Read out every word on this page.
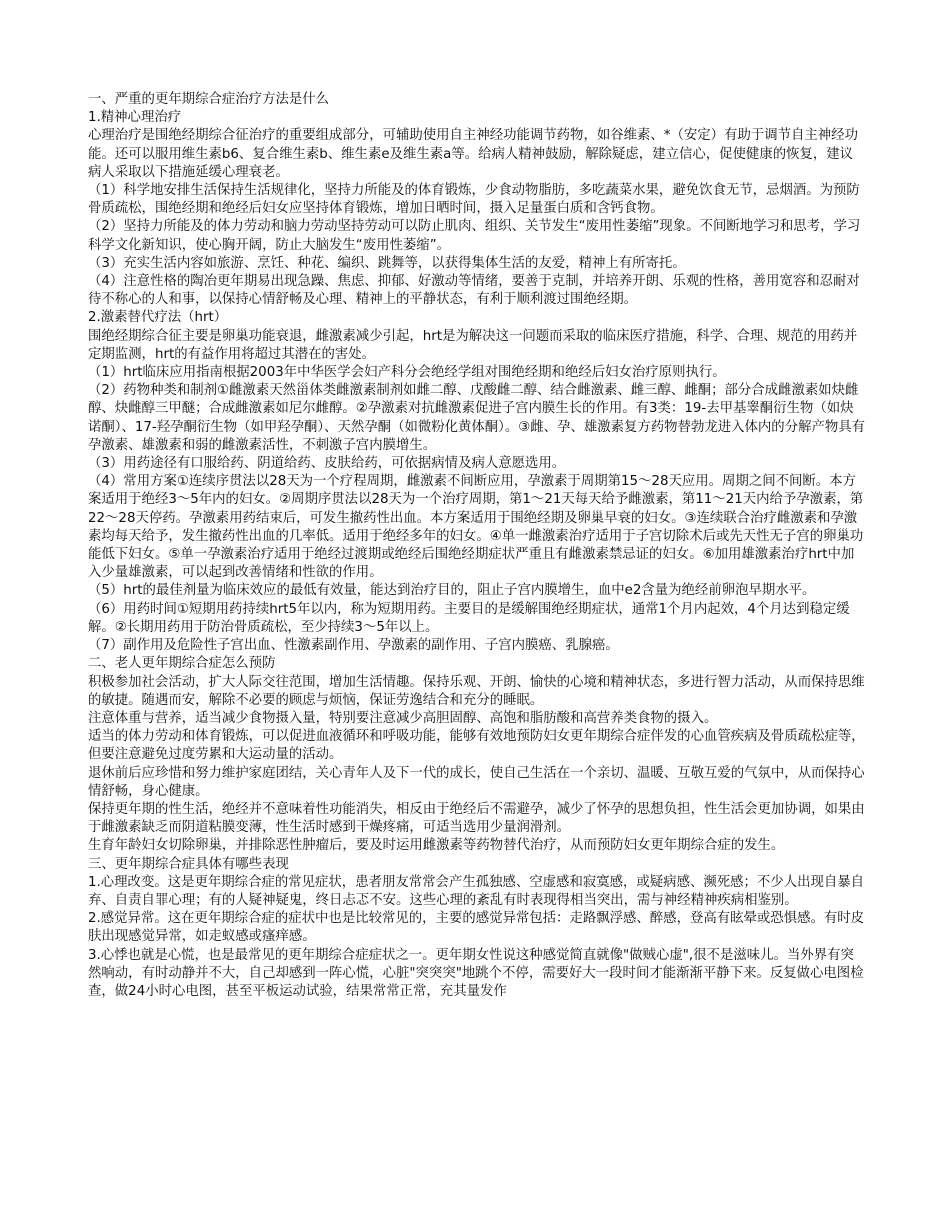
一、严重的更年期综合症治疗方法是什么

1.精神心理治疗

心理治疗是围绝经期综合征治疗的重要组成部分，可辅助使用自主神经功能调节药物，如谷维素、*（安定）有助于调节自主神经功能。还可以服用维生素b6、复合维生素b、维生素e及维生素a等。给病人精神鼓励，解除疑虑，建立信心，促使健康的恢复，建议病人采取以下措施延缓心理衰老。

（1）科学地安排生活保持生活规律化，坚持力所能及的体育锻炼，少食动物脂肪，多吃蔬菜水果，避免饮食无节，忌烟酒。为预防骨质疏松，围绝经期和绝经后妇女应坚持体育锻炼，增加日晒时间，摄入足量蛋白质和含钙食物。

（2）坚持力所能及的体力劳动和脑力劳动坚持劳动可以防止肌肉、组织、关节发生“废用性萎缩”现象。不间断地学习和思考，学习科学文化新知识，使心胸开阔，防止大脑发生“废用性萎缩”。

（3）充实生活内容如旅游、烹饪、种花、编织、跳舞等，以获得集体生活的友爱，精神上有所寄托。

（4）注意性格的陶冶更年期易出现急躁、焦虑、抑郁、好激动等情绪，要善于克制，并培养开朗、乐观的性格，善用宽容和忍耐对待不称心的人和事，以保持心情舒畅及心理、精神上的平静状态，有利于顺利渡过围绝经期。

2.激素替代疗法（hrt）

围绝经期综合征主要是卵巢功能衰退，雌激素减少引起，hrt是为解决这一问题而采取的临床医疗措施，科学、合理、规范的用药并定期监测，hrt的有益作用将超过其潜在的害处。

（1）hrt临床应用指南根据2003年中华医学会妇产科分会绝经学组对围绝经期和绝经后妇女治疗原则执行。

（2）药物种类和制剂①雌激素天然甾体类雌激素制剂如雌二醇、戊酸雌二醇、结合雌激素、雌三醇、雌酮；部分合成雌激素如炔雌醇、炔雌醇三甲醚；合成雌激素如尼尔雌醇。②孕激素对抗雌激素促进子宫内膜生长的作用。有3类：19-去甲基睾酮衍生物（如炔诺酮）、17-羟孕酮衍生物（如甲羟孕酮）、天然孕酮（如微粉化黄体酮）。③雌、孕、雄激素复方药物替勃龙进入体内的分解产物具有孕激素、雄激素和弱的雌激素活性，不刺激子宫内膜增生。

（3）用药途径有口服给药、阴道给药、皮肤给药，可依据病情及病人意愿选用。

（4）常用方案①连续序贯法以28天为一个疗程周期，雌激素不间断应用，孕激素于周期第15～28天应用。周期之间不间断。本方案适用于绝经3～5年内的妇女。②周期序贯法以28天为一个治疗周期，第1～21天每天给予雌激素，第11～21天内给予孕激素，第22～28天停药。孕激素用药结束后，可发生撤药性出血。本方案适用于围绝经期及卵巢早衰的妇女。③连续联合治疗雌激素和孕激素均每天给予，发生撤药性出血的几率低。适用于绝经多年的妇女。④单一雌激素治疗适用于子宫切除术后或先天性无子宫的卵巢功能低下妇女。⑤单一孕激素治疗适用于绝经过渡期或绝经后围绝经期症状严重且有雌激素禁忌证的妇女。⑥加用雄激素治疗hrt中加入少量雄激素，可以起到改善情绪和性欲的作用。

（5）hrt的最佳剂量为临床效应的最低有效量，能达到治疗目的，阻止子宫内膜增生，血中e2含量为绝经前卵泡早期水平。

（6）用药时间①短期用药持续hrt5年以内，称为短期用药。主要目的是缓解围绝经期症状，通常1个月内起效，4个月达到稳定缓解。②长期用药用于防治骨质疏松，至少持续3～5年以上。

（7）副作用及危险性子宫出血、性激素副作用、孕激素的副作用、子宫内膜癌、乳腺癌。

二、老人更年期综合症怎么预防

积极参加社会活动，扩大人际交往范围，增加生活情趣。保持乐观、开朗、愉快的心境和精神状态，多进行智力活动，从而保持思维的敏捷。随遇而安，解除不必要的顾虑与烦恼，保证劳逸结合和充分的睡眠。

注意体重与营养，适当减少食物摄入量，特别要注意减少高胆固醇、高饱和脂肪酸和高营养类食物的摄入。

适当的体力劳动和体育锻炼，可以促进血液循环和呼吸功能，能够有效地预防妇女更年期综合症伴发的心血管疾病及骨质疏松症等，但要注意避免过度劳累和大运动量的活动。

退休前后应珍惜和努力维护家庭团结，关心青年人及下一代的成长，使自己生活在一个亲切、温暖、互敬互爱的气氛中，从而保持心情舒畅，身心健康。

保持更年期的性生活，绝经并不意味着性功能消失，相反由于绝经后不需避孕，减少了怀孕的思想负担，性生活会更加协调，如果由于雌激素缺乏而阴道粘膜变薄，性生活时感到干燥疼痛，可适当选用少量润滑剂。

生育年龄妇女切除卵巢，并排除恶性肿瘤后，要及时运用雌激素等药物替代治疗，从而预防妇女更年期综合症的发生。

三、更年期综合症具体有哪些表现

1.心理改变。这是更年期综合症的常见症状，患者朋友常常会产生孤独感、空虚感和寂寞感，或疑病感、濒死感；不少人出现自暴自弃、自责自罪心理；有的人疑神疑鬼，终日忐忑不安。这些心理的紊乱有时表现得相当突出，需与神经精神疾病相鉴别。

2.感觉异常。这在更年期综合症的症状中也是比较常见的，主要的感觉异常包括：走路飘浮感、醉感，登高有眩晕或恐惧感。有时皮肤出现感觉异常，如走蚁感或瘙痒感。

3.心悸也就是心慌，也是最常见的更年期综合症症状之一。更年期女性说这种感觉简直就像"做贼心虚",很不是滋味儿。当外界有突然响动，有时动静并不大，自己却感到一阵心慌，心脏"突突突"地跳个不停，需要好大一段时间才能渐渐平静下来。反复做心电图检查，做24小时心电图，甚至平板运动试验，结果常常正常，充其量发作
